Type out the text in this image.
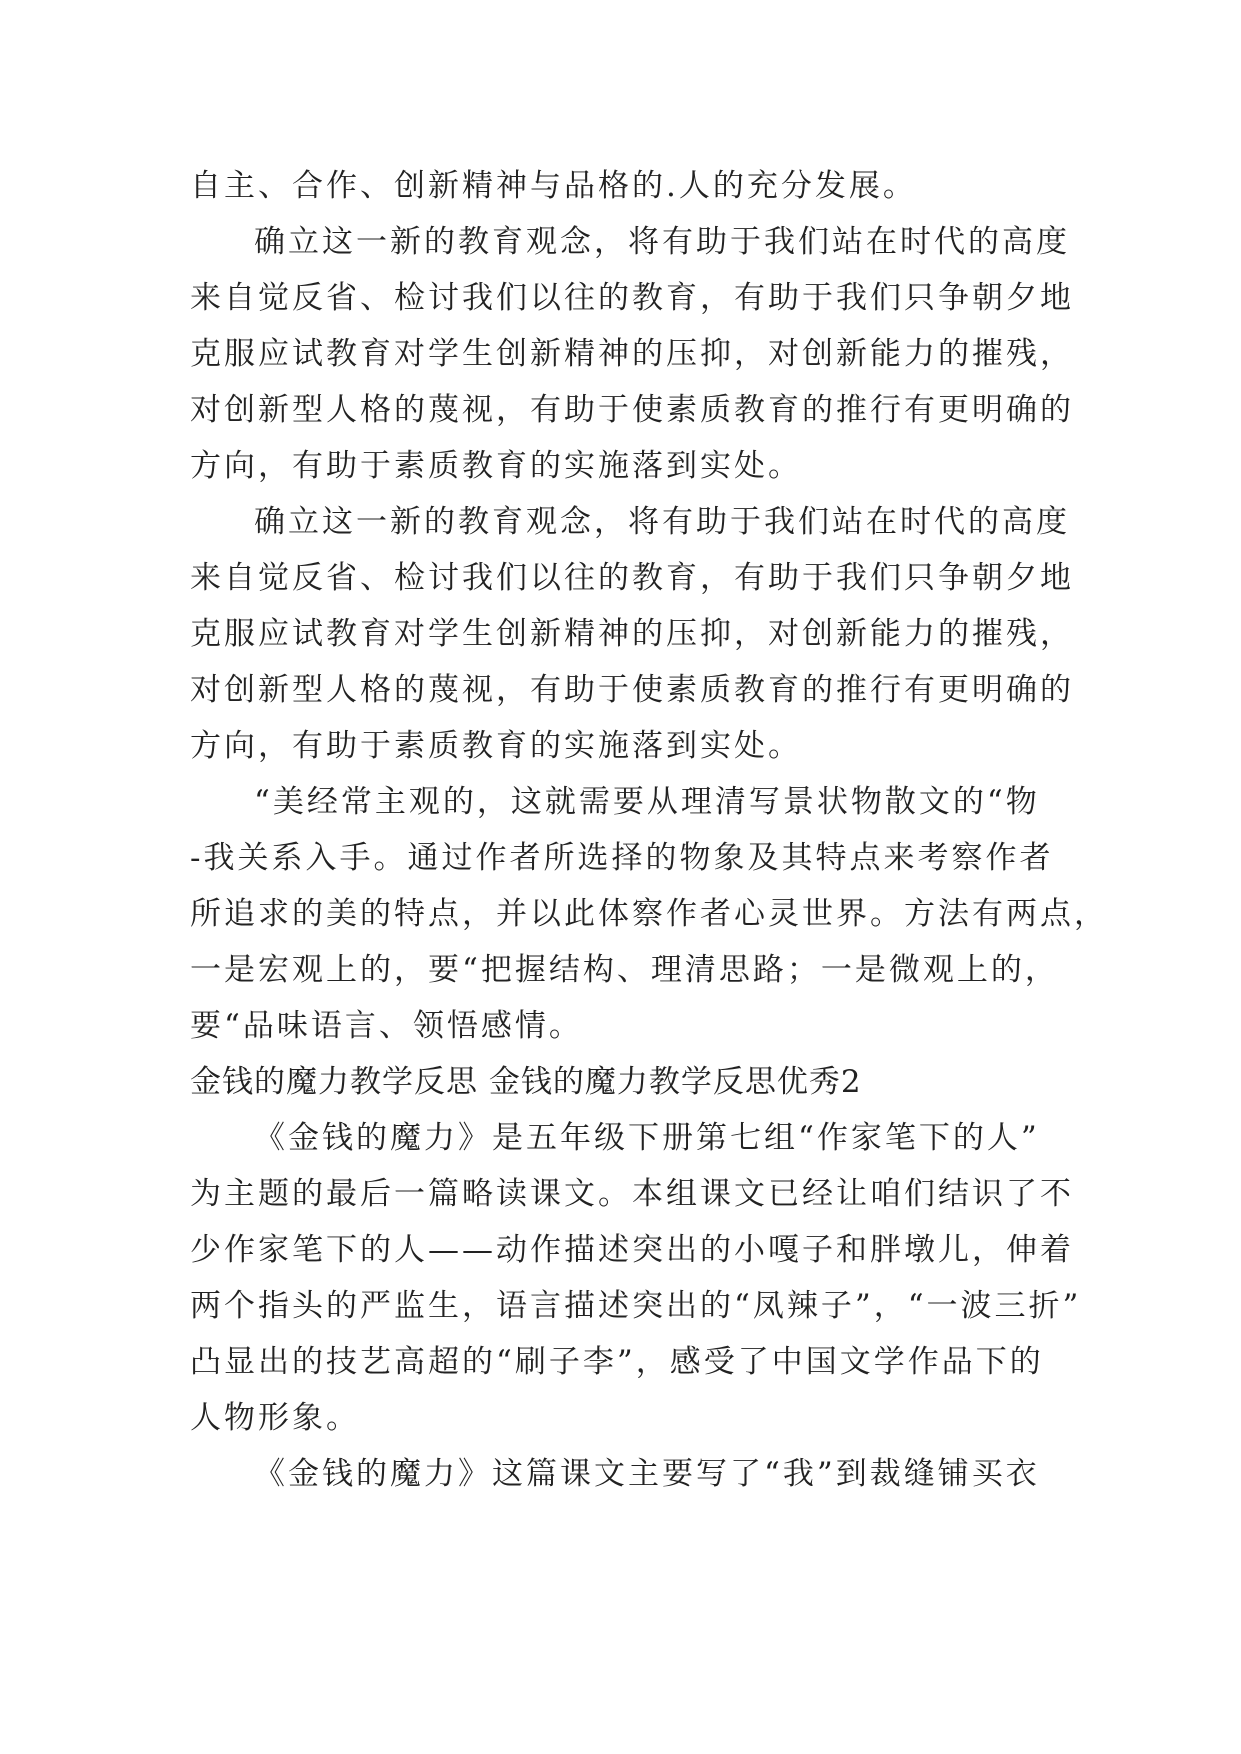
自主、合作、创新精神与品格的.人的充分发展。
确立这一新的教育观念，将有助于我们站在时代的高度
来自觉反省、检讨我们以往的教育，有助于我们只争朝夕地
克服应试教育对学生创新精神的压抑，对创新能力的摧残，
对创新型人格的蔑视，有助于使素质教育的推行有更明确的
方向，有助于素质教育的实施落到实处。
确立这一新的教育观念，将有助于我们站在时代的高度
来自觉反省、检讨我们以往的教育，有助于我们只争朝夕地
克服应试教育对学生创新精神的压抑，对创新能力的摧残，
对创新型人格的蔑视，有助于使素质教育的推行有更明确的
方向，有助于素质教育的实施落到实处。
“美经常主观的，这就需要从理清写景状物散文的“物
-我关系入手。通过作者所选择的物象及其特点来考察作者
所追求的美的特点，并以此体察作者心灵世界。方法有两点，
一是宏观上的，要“把握结构、理清思路；一是微观上的，
要“品味语言、领悟感情。
金钱的魔力教学反思 金钱的魔力教学反思优秀2
《金钱的魔力》是五年级下册第七组“作家笔下的人”
为主题的最后一篇略读课文。本组课文已经让咱们结识了不
少作家笔下的人——动作描述突出的小嘎子和胖墩儿，伸着
两个指头的严监生，语言描述突出的“凤辣子”，“一波三折”
凸显出的技艺高超的“刷子李”，感受了中国文学作品下的
人物形象。
《金钱的魔力》这篇课文主要写了“我”到裁缝铺买衣
